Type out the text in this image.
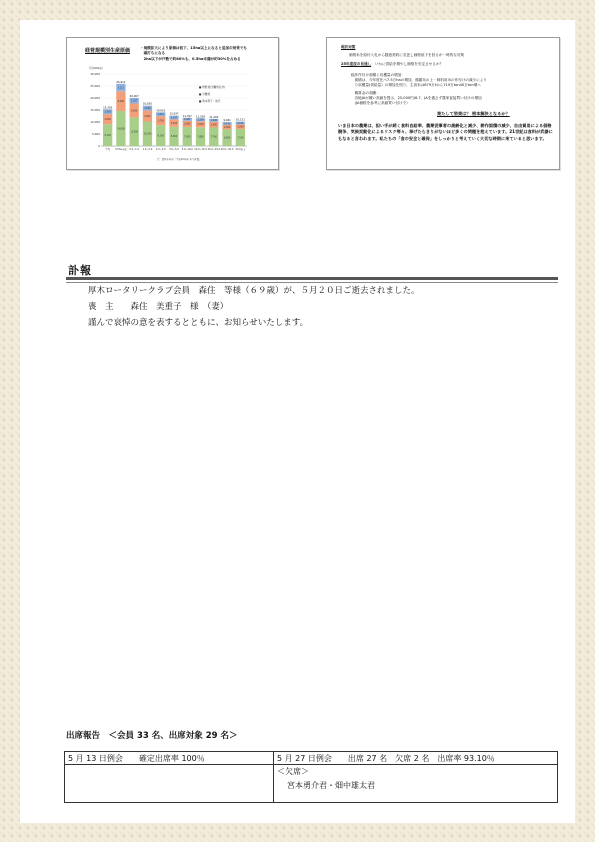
経営規模別生産原価	・規模拡大により原価は低下、15ha以上になると追加の効果でも
　頭打ちになる
　2ha以下が戸数で約80%も、0.5ha未満が約30%を占める
（円/60kg）
30,000
25,000
20,000
15,000
10,000
5,000
0
9,100
4,200
1,993
15,293
平均
14,600
8,200
3,111
25,911
0.5ha未満
11,900
5,800
2,307
20,007
0.5~1.0
10,200
4,600
2,030
16,830
1.0~2.0
8,700
3,700
1,651
14,051
2.0~3.0
8,000
3,100
1,537
12,637
3.0~5.0
7,900
2,600
1,267
11,767
5.0~10.0
7,800
2,500
1,259
11,559
10.0~15.0
7,700
2,400
1,192
11,292
15.0~20.0
6,900
1,900
1,141
9,941
20.0~30.0
7,100
1,900
1,151
10,151
30.0以上
■ 物財費(労働費以外)
■ 労働費
■ 資本利子・地代
注：農林水産省「平成22年産 米生産費」
現状対策
価格米を給付入札から随意契約に変更し価格低下を回るが一時的な対策
25年度産の見通し：いかに供給を増やし価格を安定させるか？
稲作作付け面積と収穫量の増加：
　面積は、今年度比べ7.5万haの増加、備蓄米の上・飼料用米の作付けの減少により
　り収穫量(供給量）の増加を図り、主食米は679万tから719万ton40万ton増へ
　概算金の高騰：
　各地JAが競い高値を提示、25,000円/6.7、JAを通さず農家直接買い付けの増加
　(JA価格を参考に高値買い付けで）
果たして効果は？ 根本解決となるか？
いま日本の農業は、担い手が続く食料自給率、農業従事者の高齢化と減少、耕作面積の減少、自由貿易による価格競争、気候変動化によるリスク等々、挙げたらきりがないほど多くの問題を抱えています。21世紀は食料が武器にもなると言われます。私たちの「食の安全と確保」をしっかりと考えていく大切な時期に来ていると思います。
訃報
厚木ロータリークラブ会員　森住　等様（６９歳）が、５月２０日ご逝去されました。
喪　主　　森住　美重子　様　（妻）
謹んで哀悼の意を表するとともに、お知らせいたします。
出席報告　＜会員 33 名、出席対象 29 名＞
5 月 13 日例会　　確定出席率 100％	5 月 27 日例会　　出席 27 名　欠席 2 名　出席率 93.10％
＜欠席＞
宮本勇介君・畑中雄太君
